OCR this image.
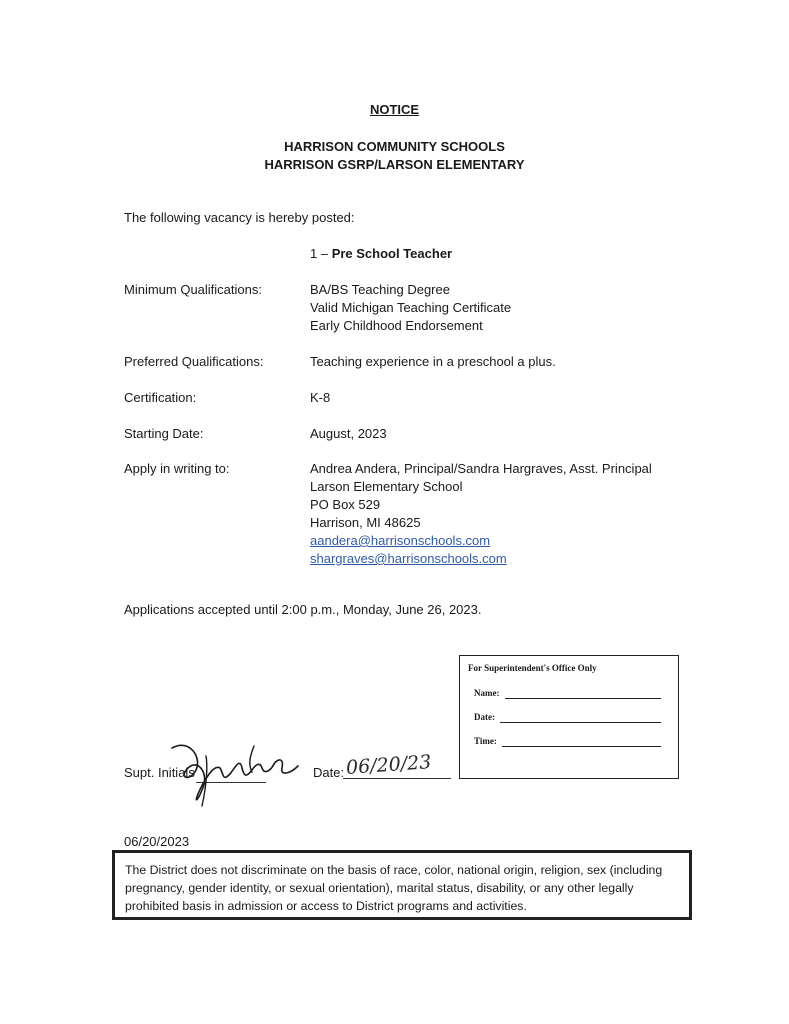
NOTICE
HARRISON COMMUNITY SCHOOLS
HARRISON GSRP/LARSON ELEMENTARY
The following vacancy is hereby posted:
1 – Pre School Teacher
Minimum Qualifications:	BA/BS Teaching Degree
Valid Michigan Teaching Certificate
Early Childhood Endorsement
Preferred Qualifications:	Teaching experience in a preschool a plus.
Certification:	K-8
Starting Date:	August, 2023
Apply in writing to:	Andrea Andera, Principal/Sandra Hargraves, Asst. Principal
Larson Elementary School
PO Box 529
Harrison, MI 48625
aandera@harrisonschools.com
shargraves@harrisonschools.com
Applications accepted until 2:00 p.m., Monday, June 26, 2023.
For Superintendent's Office Only
Name:
Date:
Time:
Supt. Initials	Date: 06/20/23
06/20/2023
The District does not discriminate on the basis of race, color, national origin, religion, sex (including pregnancy, gender identity, or sexual orientation), marital status, disability, or any other legally prohibited basis in admission or access to District programs and activities.
